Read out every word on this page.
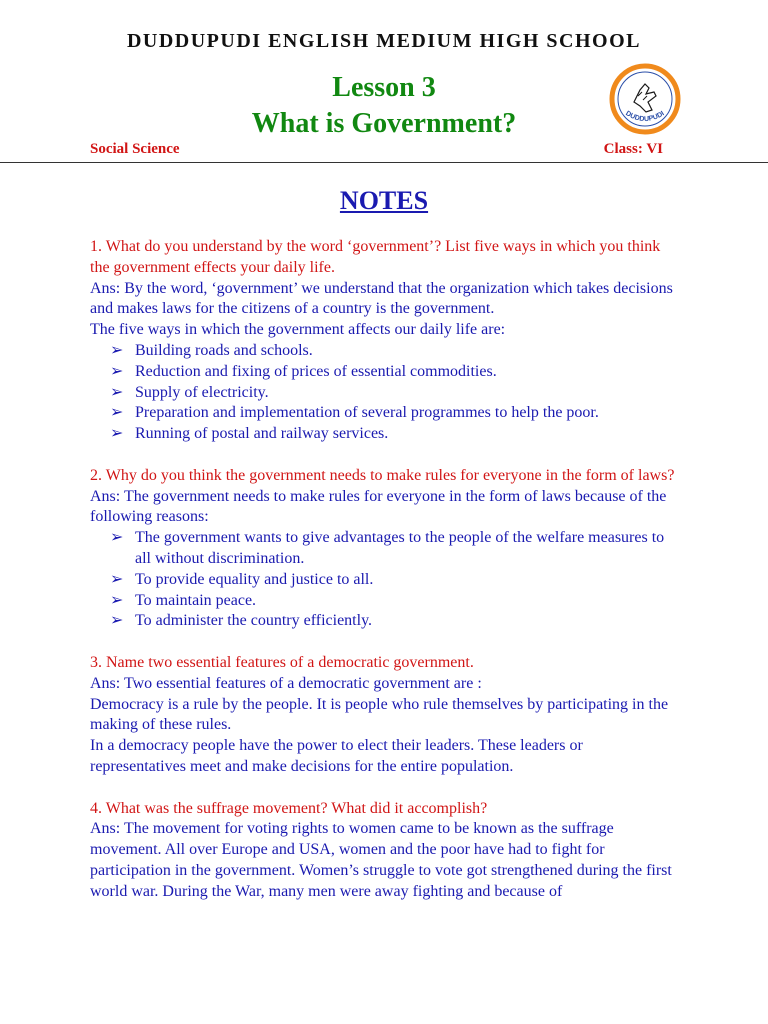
DUDDUPUDI ENGLISH MEDIUM HIGH SCHOOL
Lesson 3
What is Government?	DUDDUPUDI
Social Science	Class: VI
NOTES
1. What do you understand by the word ‘government’? List five ways in which you think the government effects your daily life.
Ans: By the word, ‘government’ we understand that the organization which takes decisions and makes laws for the citizens of a country is the government.
The five ways in which the government affects our daily life are:
➢ Building roads and schools.
➢ Reduction and fixing of prices of essential commodities.
➢ Supply of electricity.
➢ Preparation and implementation of several programmes to help the poor.
➢ Running of postal and railway services.
2. Why do you think the government needs to make rules for everyone in the form of laws?
Ans: The government needs to make rules for everyone in the form of laws because of the following reasons:
➢ The government wants to give advantages to the people of the welfare measures to all without discrimination.
➢ To provide equality and justice to all.
➢ To maintain peace.
➢ To administer the country efficiently.
3. Name two essential features of a democratic government.
Ans: Two essential features of a democratic government are :
Democracy is a rule by the people. It is people who rule themselves by participating in the making of these rules.
In a democracy people have the power to elect their leaders. These leaders or representatives meet and make decisions for the entire population.
4. What was the suffrage movement? What did it accomplish?
Ans: The movement for voting rights to women came to be known as the suffrage movement. All over Europe and USA, women and the poor have had to fight for participation in the government. Women’s struggle to vote got strengthened during the first world war. During the War, many men were away fighting and because of
